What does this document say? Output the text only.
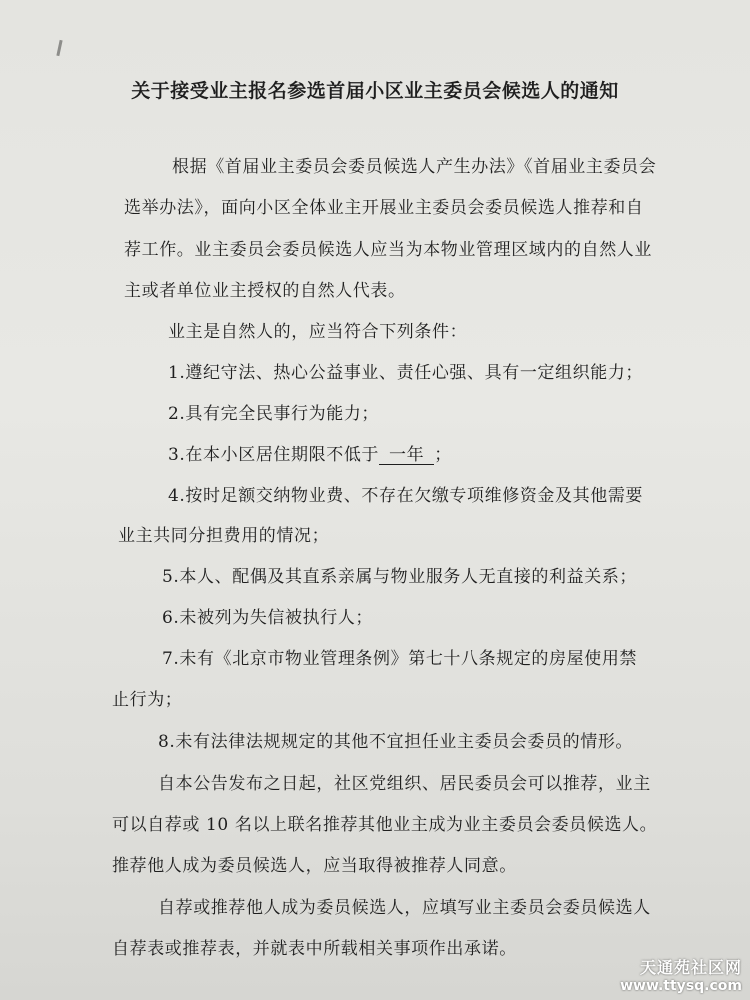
关于接受业主报名参选首届小区业主委员会候选人的通知
根据《首届业主委员会委员候选人产生办法》《首届业主委员会
选举办法》，面向小区全体业主开展业主委员会委员候选人推荐和自
荐工作。业主委员会委员候选人应当为本物业管理区域内的自然人业
主或者单位业主授权的自然人代表。
业主是自然人的，应当符合下列条件：
1.遵纪守法、热心公益事业、责任心强、具有一定组织能力；
2.具有完全民事行为能力；
3.在本小区居住期限不低于 一年 ；
4.按时足额交纳物业费、不存在欠缴专项维修资金及其他需要
业主共同分担费用的情况；
5.本人、配偶及其直系亲属与物业服务人无直接的利益关系；
6.未被列为失信被执行人；
7.未有《北京市物业管理条例》第七十八条规定的房屋使用禁
止行为；
8.未有法律法规规定的其他不宜担任业主委员会委员的情形。
自本公告发布之日起，社区党组织、居民委员会可以推荐，业主
可以自荐或 10 名以上联名推荐其他业主成为业主委员会委员候选人。
推荐他人成为委员候选人，应当取得被推荐人同意。
自荐或推荐他人成为委员候选人，应填写业主委员会委员候选人
自荐表或推荐表，并就表中所载相关事项作出承诺。
天通苑社区网
www.ttysq.com
